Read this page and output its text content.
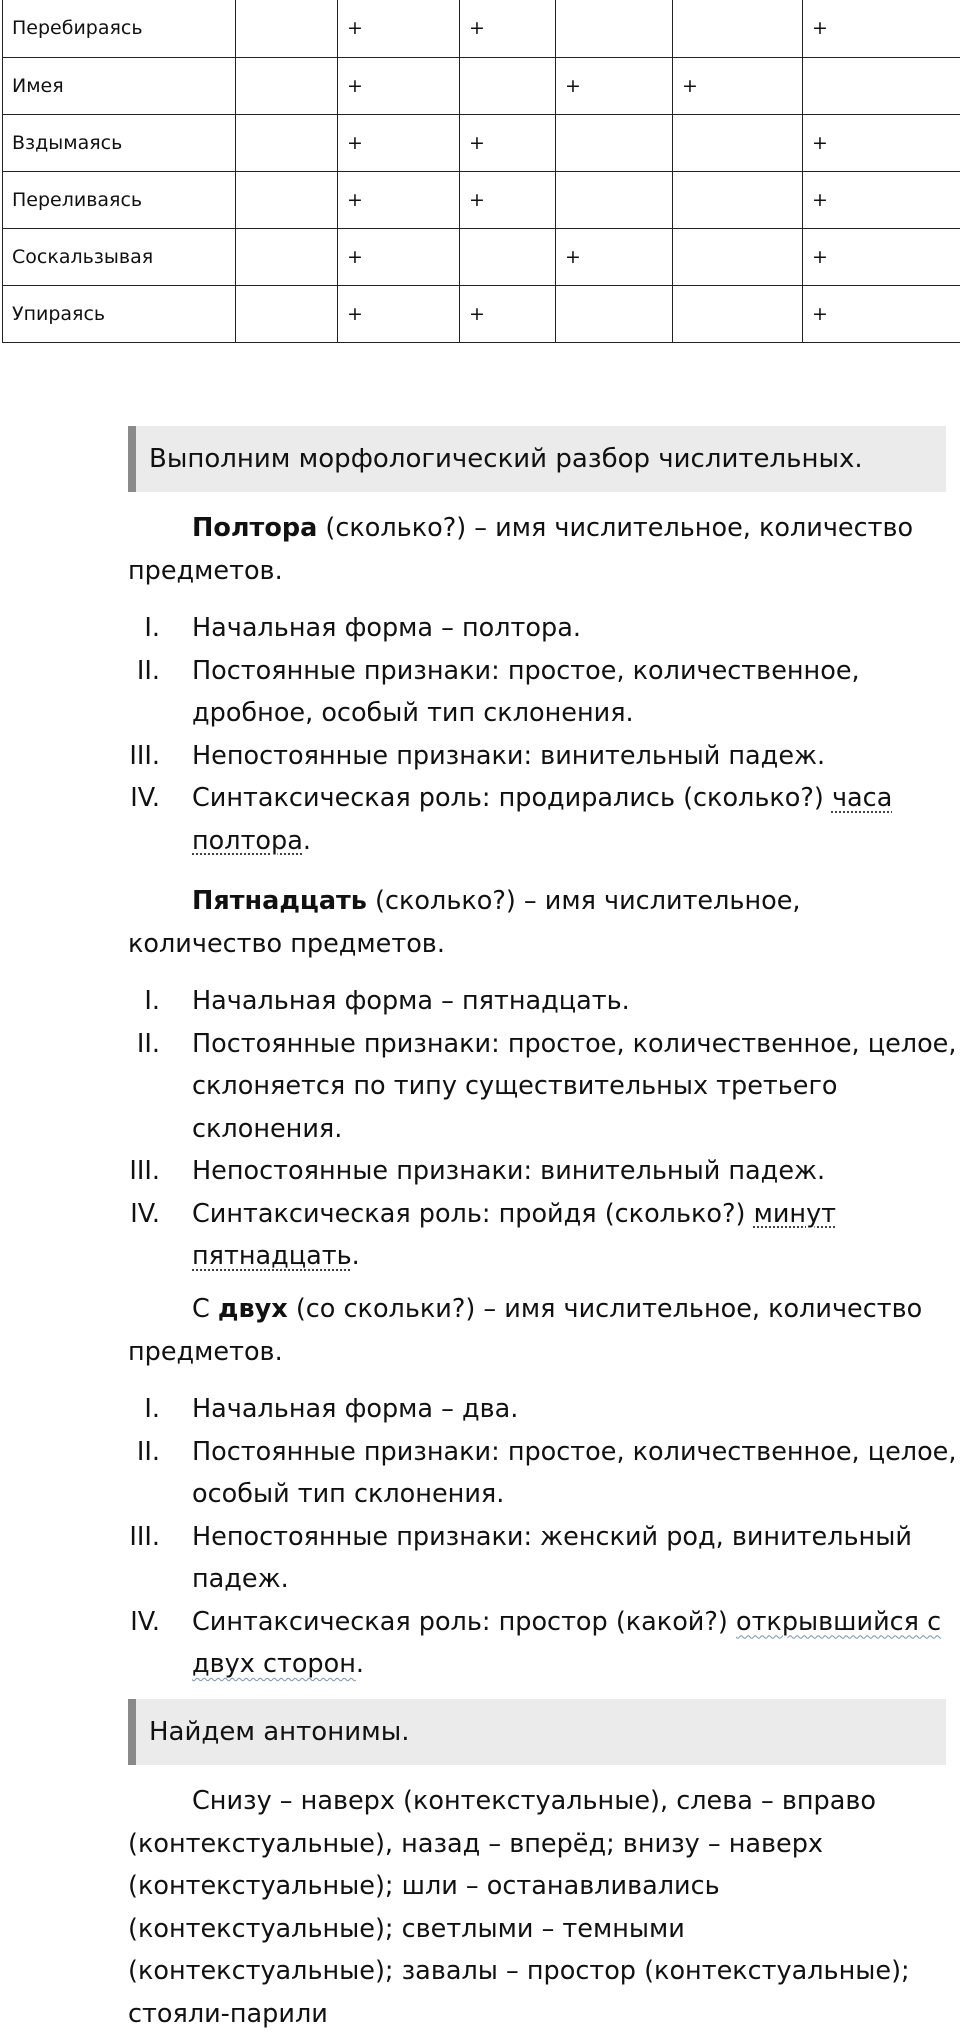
Перебираясь		+	+			+
Имея		+		+	+	
Вздымаясь		+	+			+
Переливаясь		+	+			+
Соскальзывая		+		+		+
Упираясь		+	+			+
Выполним морфологический разбор числительных.

Полтора (сколько?) – имя числительное, количество предметов.

I. Начальная форма – полтора.
II. Постоянные признаки: простое, количественное, дробное, особый тип склонения.
III. Непостоянные признаки: винительный падеж.
IV. Синтаксическая роль: продирались (сколько?) часа полтора.

Пятнадцать (сколько?) – имя числительное, количество предметов.

I. Начальная форма – пятнадцать.
II. Постоянные признаки: простое, количественное, целое, склоняется по типу существительных третьего склонения.
III. Непостоянные признаки: винительный падеж.
IV. Синтаксическая роль: пройдя (сколько?) минут пятнадцать.

С двух (со скольки?) – имя числительное, количество предметов.

I. Начальная форма – два.
II. Постоянные признаки: простое, количественное, целое, особый тип склонения.
III. Непостоянные признаки: женский род, винительный падеж.
IV. Синтаксическая роль: простор (какой?) открывшийся с двух сторон.
Найдем антонимы.

Снизу – наверх (контекстуальные), слева – вправо (контекстуальные), назад – вперёд; внизу – наверх (контекстуальные); шли – останавливались (контекстуальные); светлыми – темными (контекстуальные); завалы – простор (контекстуальные); стояли-парили
